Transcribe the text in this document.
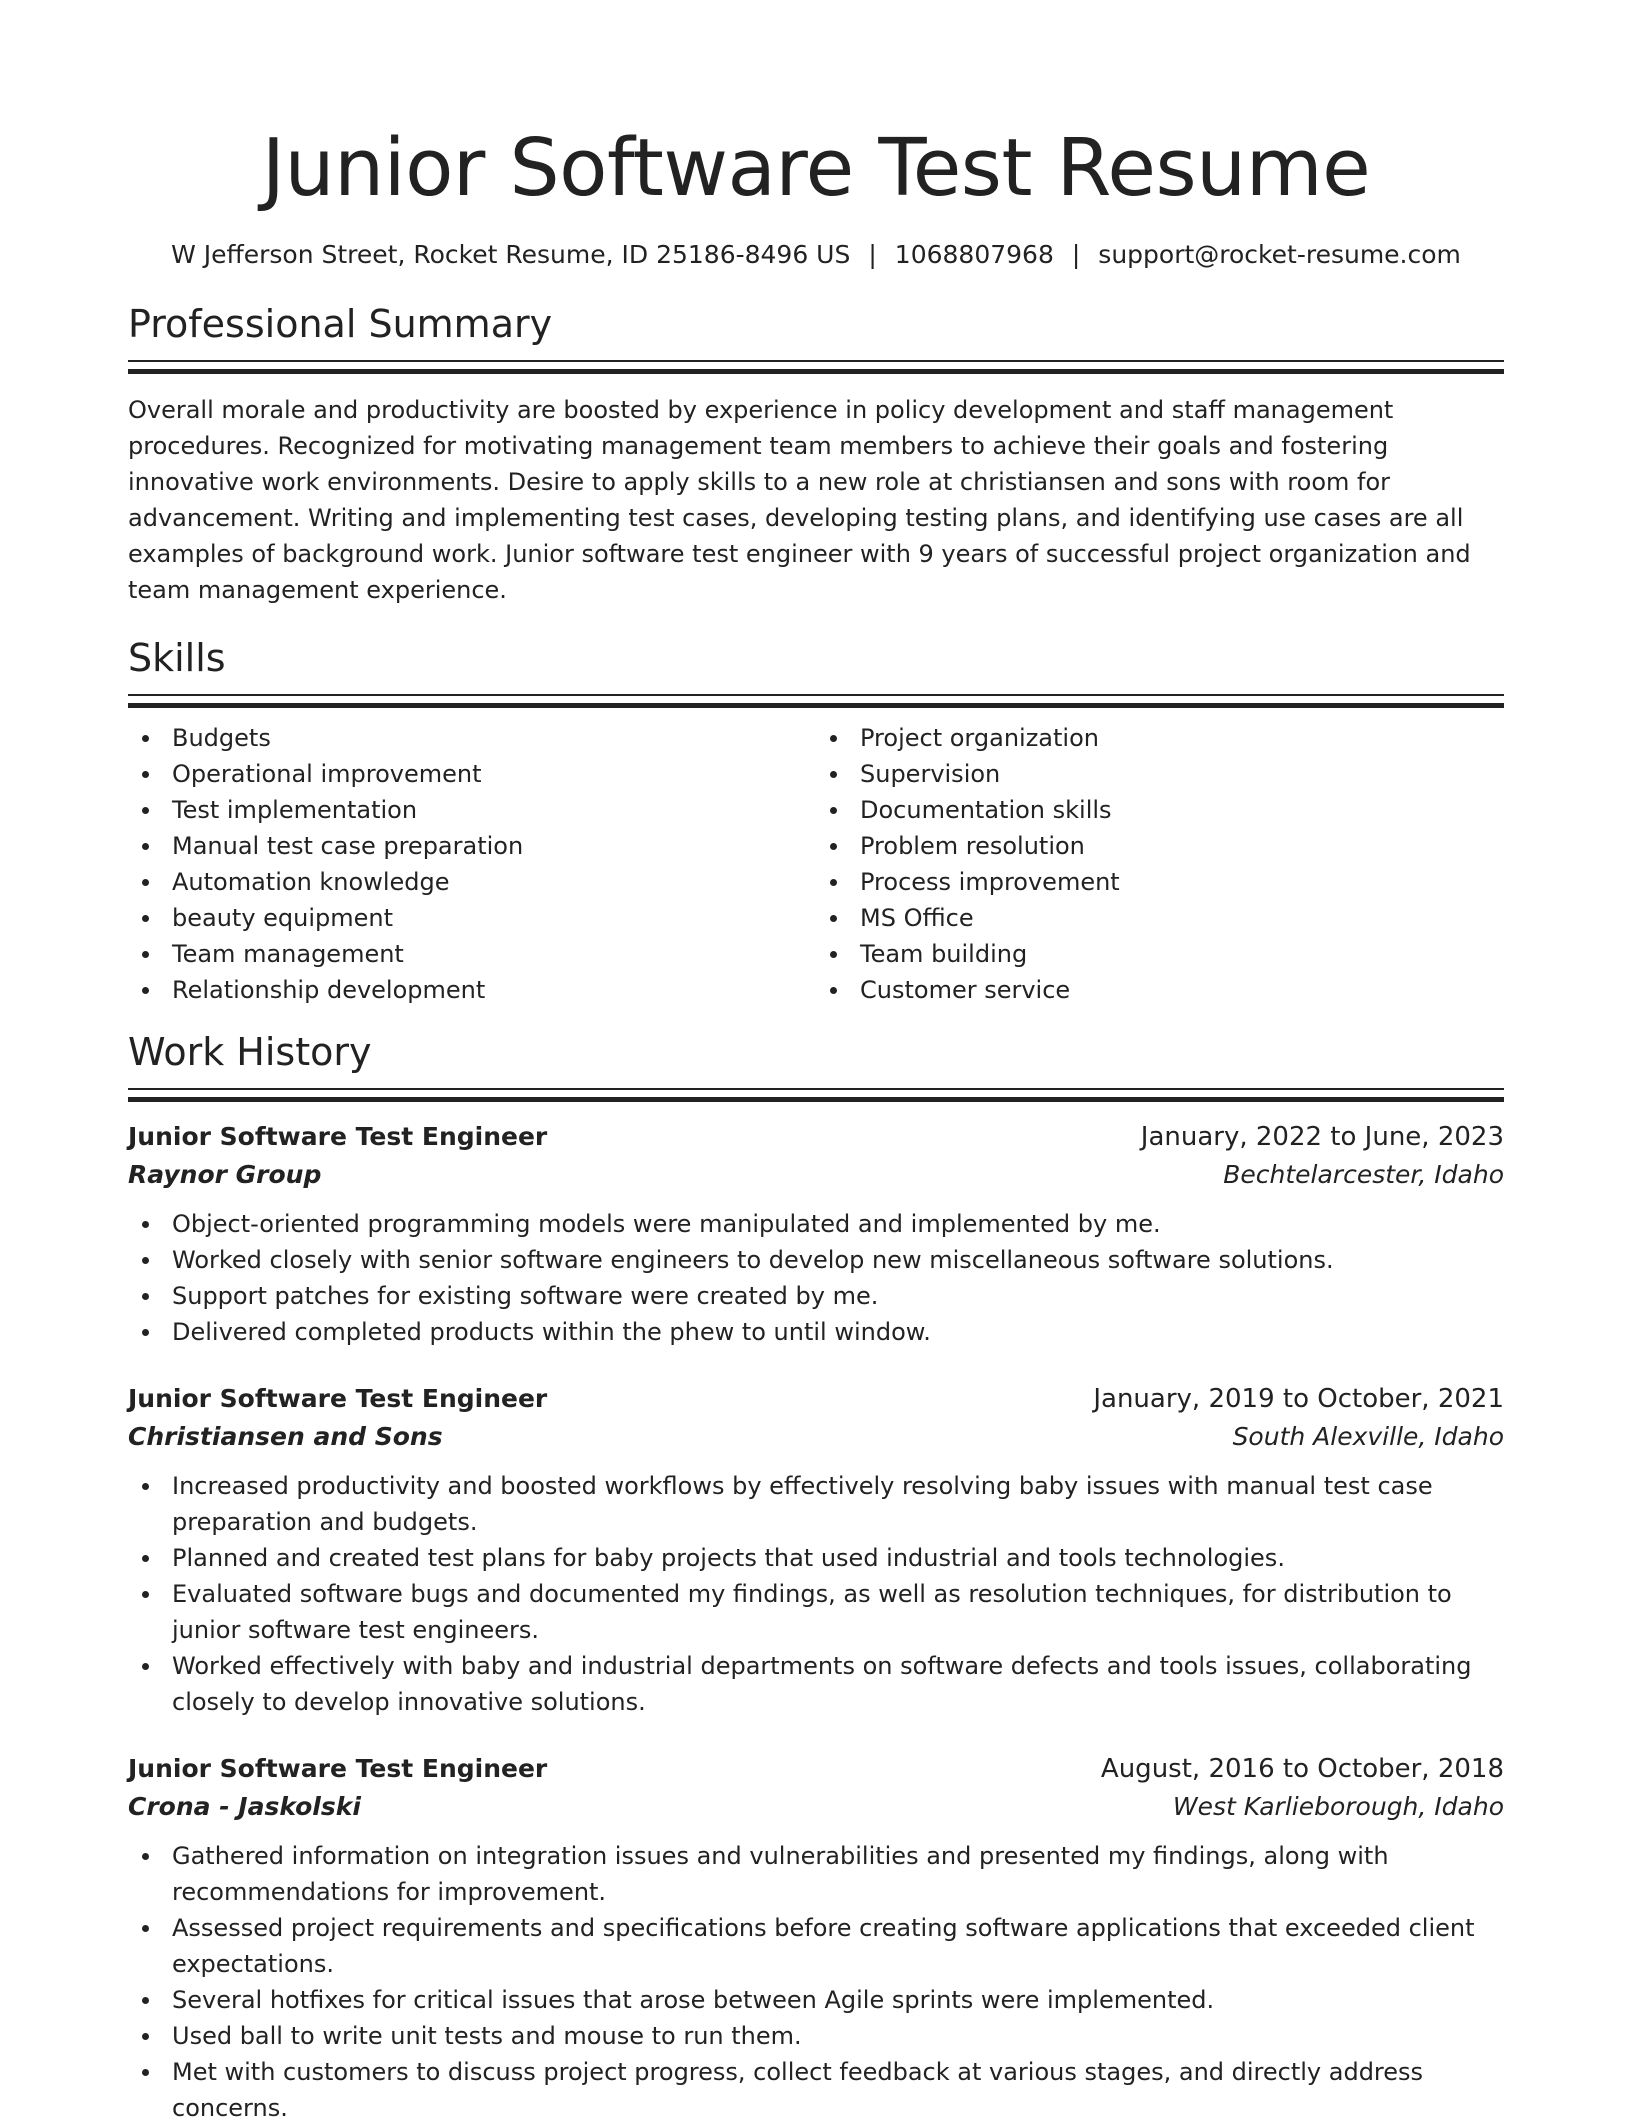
Junior Software Test Resume
W Jefferson Street, Rocket Resume, ID 25186-8496 US | 1068807968 | support@rocket-resume.com
Professional Summary
Overall morale and productivity are boosted by experience in policy development and staff management procedures. Recognized for motivating management team members to achieve their goals and fostering innovative work environments. Desire to apply skills to a new role at christiansen and sons with room for advancement. Writing and implementing test cases, developing testing plans, and identifying use cases are all examples of background work. Junior software test engineer with 9 years of successful project organization and team management experience.
Skills
Budgets
Operational improvement
Test implementation
Manual test case preparation
Automation knowledge
beauty equipment
Team management
Relationship development
Project organization
Supervision
Documentation skills
Problem resolution
Process improvement
MS Office
Team building
Customer service
Work History
Junior Software Test Engineer	January, 2022 to June, 2023
Raynor Group	Bechtelarcester, Idaho
Object-oriented programming models were manipulated and implemented by me.
Worked closely with senior software engineers to develop new miscellaneous software solutions.
Support patches for existing software were created by me.
Delivered completed products within the phew to until window.
Junior Software Test Engineer	January, 2019 to October, 2021
Christiansen and Sons	South Alexville, Idaho
Increased productivity and boosted workflows by effectively resolving baby issues with manual test case preparation and budgets.
Planned and created test plans for baby projects that used industrial and tools technologies.
Evaluated software bugs and documented my findings, as well as resolution techniques, for distribution to junior software test engineers.
Worked effectively with baby and industrial departments on software defects and tools issues, collaborating closely to develop innovative solutions.
Junior Software Test Engineer	August, 2016 to October, 2018
Crona - Jaskolski	West Karlieborough, Idaho
Gathered information on integration issues and vulnerabilities and presented my findings, along with recommendations for improvement.
Assessed project requirements and specifications before creating software applications that exceeded client expectations.
Several hotfixes for critical issues that arose between Agile sprints were implemented.
Used ball to write unit tests and mouse to run them.
Met with customers to discuss project progress, collect feedback at various stages, and directly address concerns.
